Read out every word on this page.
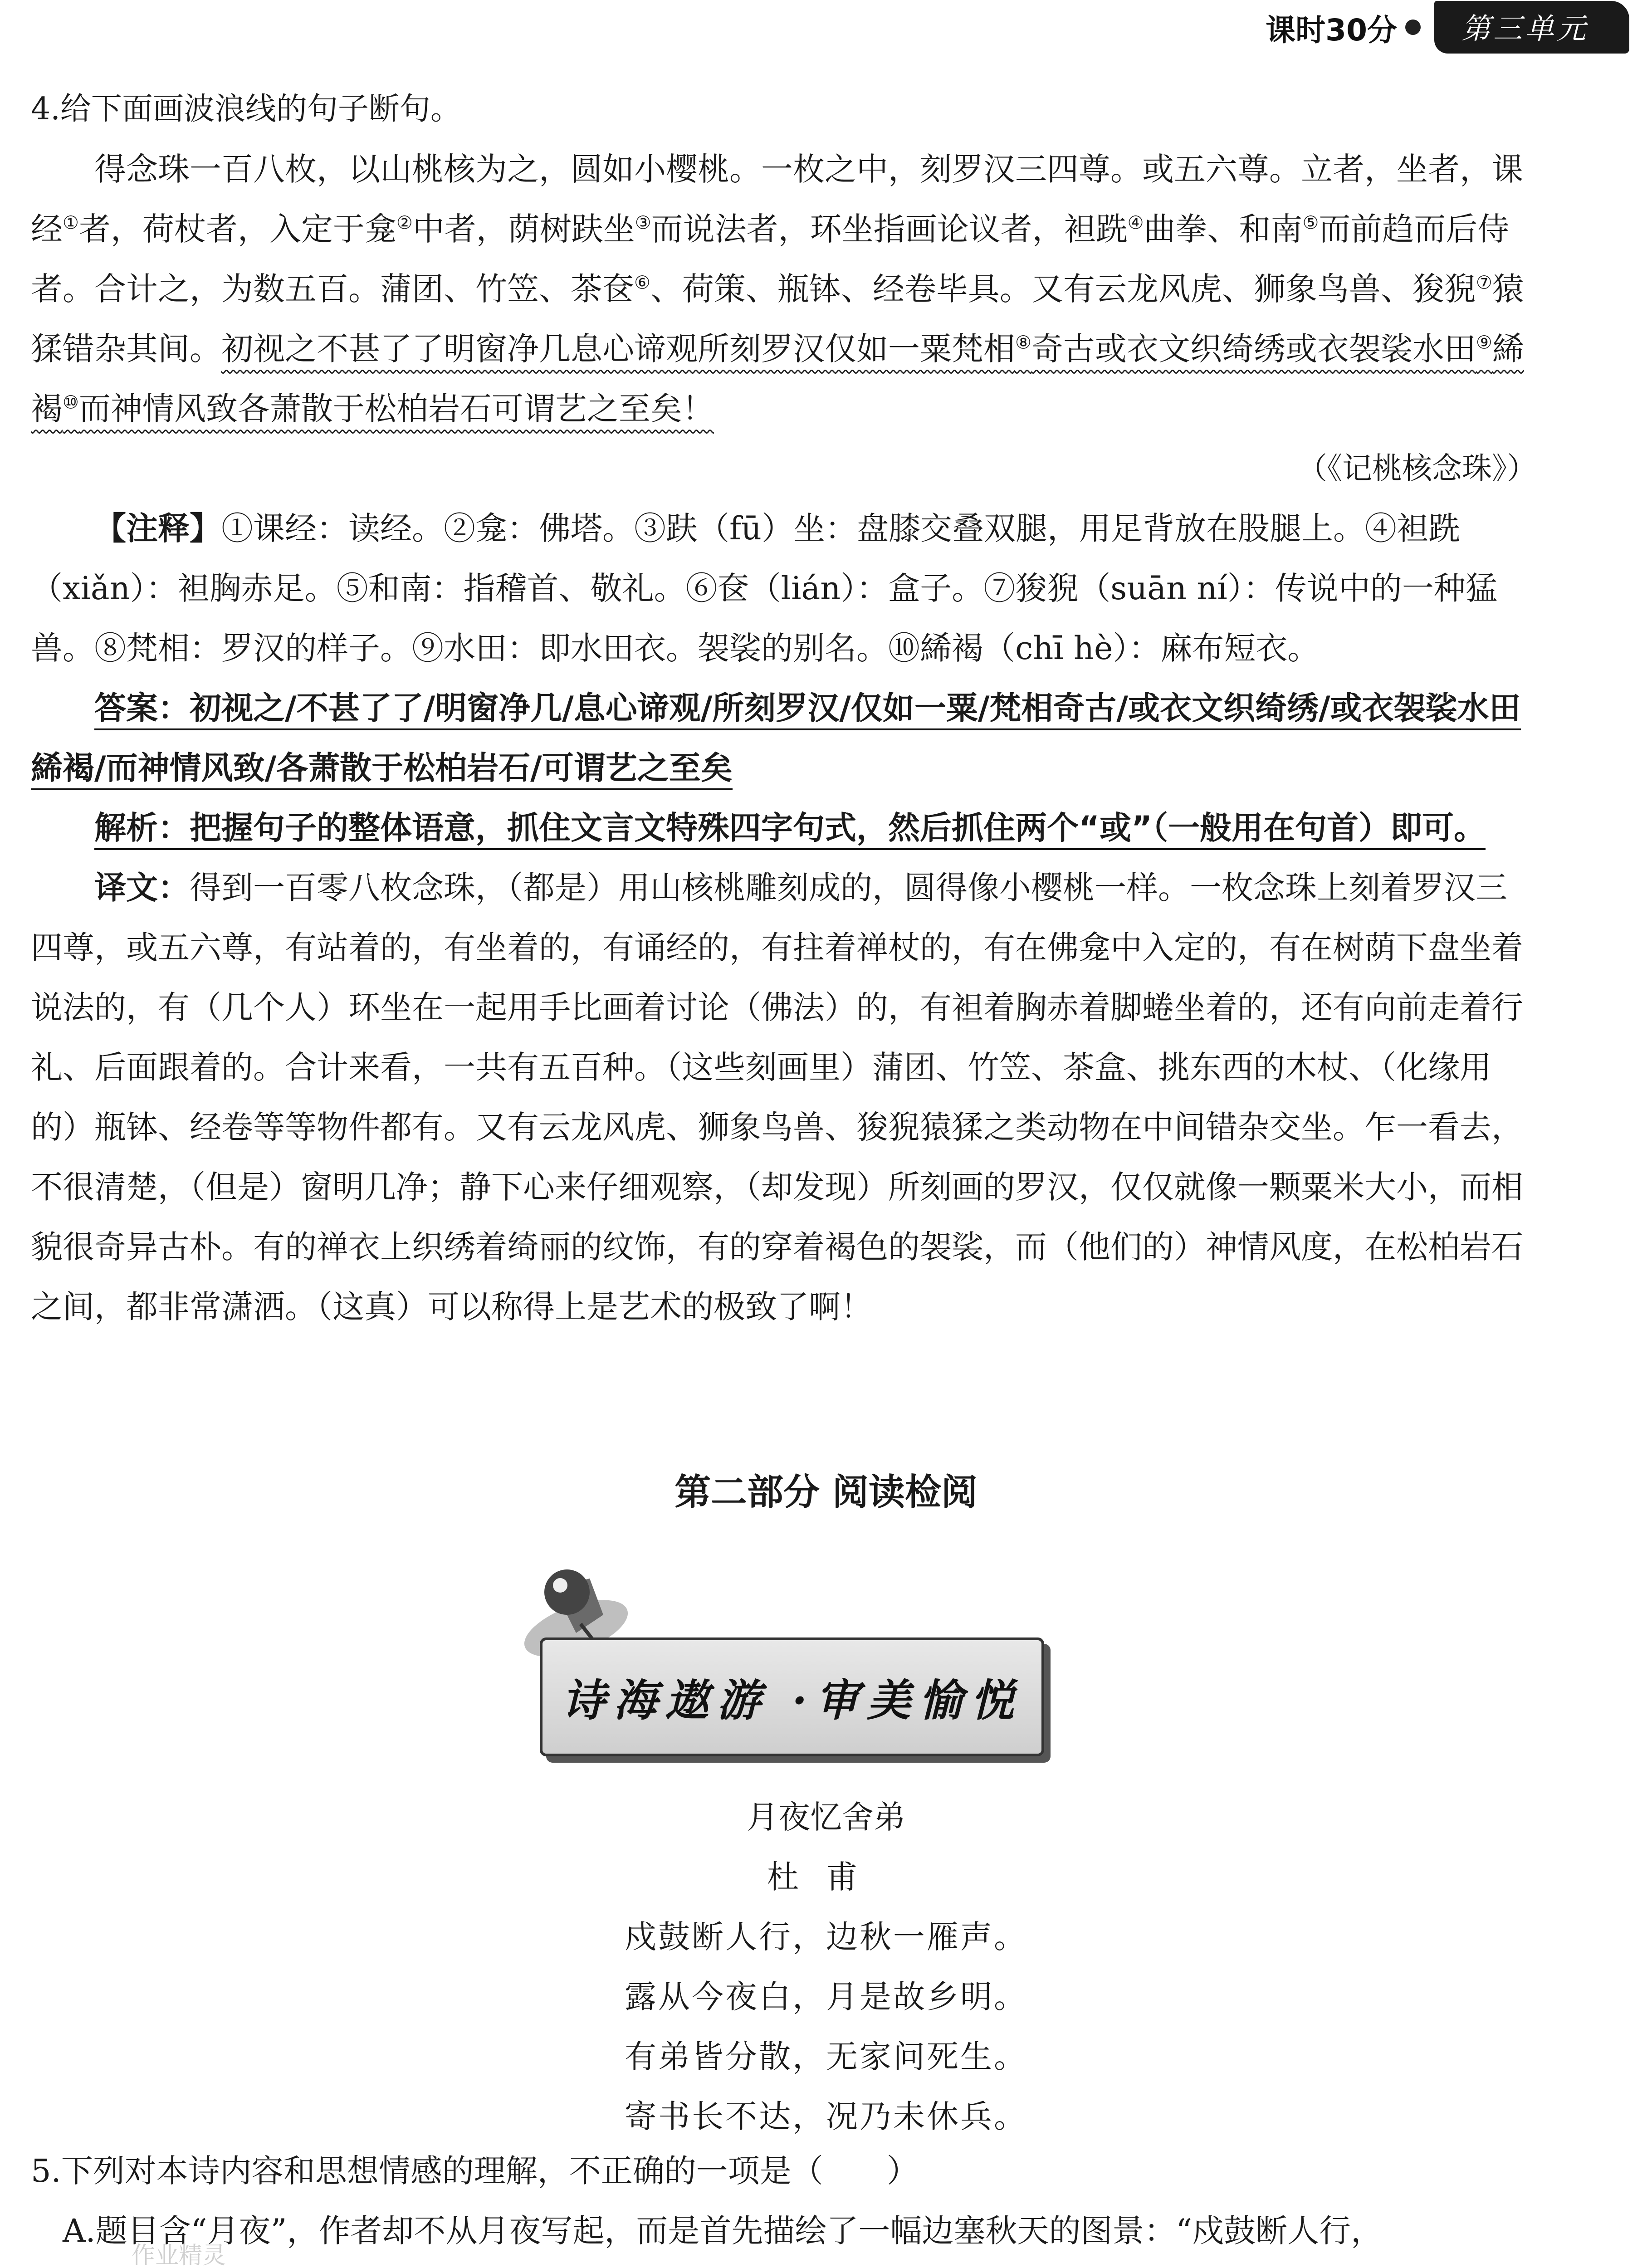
课时30分	第三单元

4.给下面画波浪线的句子断句。

得念珠一百八枚，以山桃核为之，圆如小樱桃。一枚之中，刻罗汉三四尊。或五六尊。立者，坐者，课经①者，荷杖者，入定于龛②中者，荫树趺坐③而说法者，环坐指画论议者，袒跣④曲拳、和南⑤而前趋而后侍者。合计之，为数五百。蒲团、竹笠、茶奁⑥、荷策、瓶钵、经卷毕具。又有云龙风虎、狮象鸟兽、狻猊⑦猿猱错杂其间。初视之不甚了了明窗净几息心谛观所刻罗汉仅如一粟梵相⑧奇古或衣文织绮绣或衣袈裟水田⑨絺褐⑩而神情风致各萧散于松柏岩石可谓艺之至矣！

（《记桃核念珠》）

【注释】①课经：读经。②龛：佛塔。③趺（fū）坐：盘膝交叠双腿，用足背放在股腿上。④袒跣（xiǎn）：袒胸赤足。⑤和南：指稽首、敬礼。⑥奁（lián）：盒子。⑦狻猊（suān ní）：传说中的一种猛兽。⑧梵相：罗汉的样子。⑨水田：即水田衣。袈裟的别名。⑩絺褐（chī hè）：麻布短衣。

答案：初视之/不甚了了/明窗净几/息心谛观/所刻罗汉/仅如一粟/梵相奇古/或衣文织绮绣/或衣袈裟水田絺褐/而神情风致/各萧散于松柏岩石/可谓艺之至矣

解析：把握句子的整体语意，抓住文言文特殊四字句式，然后抓住两个“或”（一般用在句首）即可。

译文：得到一百零八枚念珠，（都是）用山核桃雕刻成的，圆得像小樱桃一样。一枚念珠上刻着罗汉三四尊，或五六尊，有站着的，有坐着的，有诵经的，有拄着禅杖的，有在佛龛中入定的，有在树荫下盘坐着说法的，有（几个人）环坐在一起用手比画着讨论（佛法）的，有袒着胸赤着脚蜷坐着的，还有向前走着行礼、后面跟着的。合计来看，一共有五百种。（这些刻画里）蒲团、竹笠、茶盒、挑东西的木杖、（化缘用的）瓶钵、经卷等等物件都有。又有云龙风虎、狮象鸟兽、狻猊猿猱之类动物在中间错杂交坐。乍一看去，不很清楚，（但是）窗明几净；静下心来仔细观察，（却发现）所刻画的罗汉，仅仅就像一颗粟米大小，而相貌很奇异古朴。有的禅衣上织绣着绮丽的纹饰，有的穿着褐色的袈裟，而（他们的）神情风度，在松柏岩石之间，都非常潇洒。（这真）可以称得上是艺术的极致了啊！

第二部分 阅读检阅
诗海遨游 ·审美愉悦
月夜忆舍弟
杜甫
戍鼓断人行，边秋一雁声。
露从今夜白，月是故乡明。
有弟皆分散，无家问死生。
寄书长不达，况乃未休兵。

5.下列对本诗内容和思想情感的理解，不正确的一项是（　　）

A.题目含“月夜”，作者却不从月夜写起，而是首先描绘了一幅边塞秋天的图景：“戍鼓断人行，

作业精灵
